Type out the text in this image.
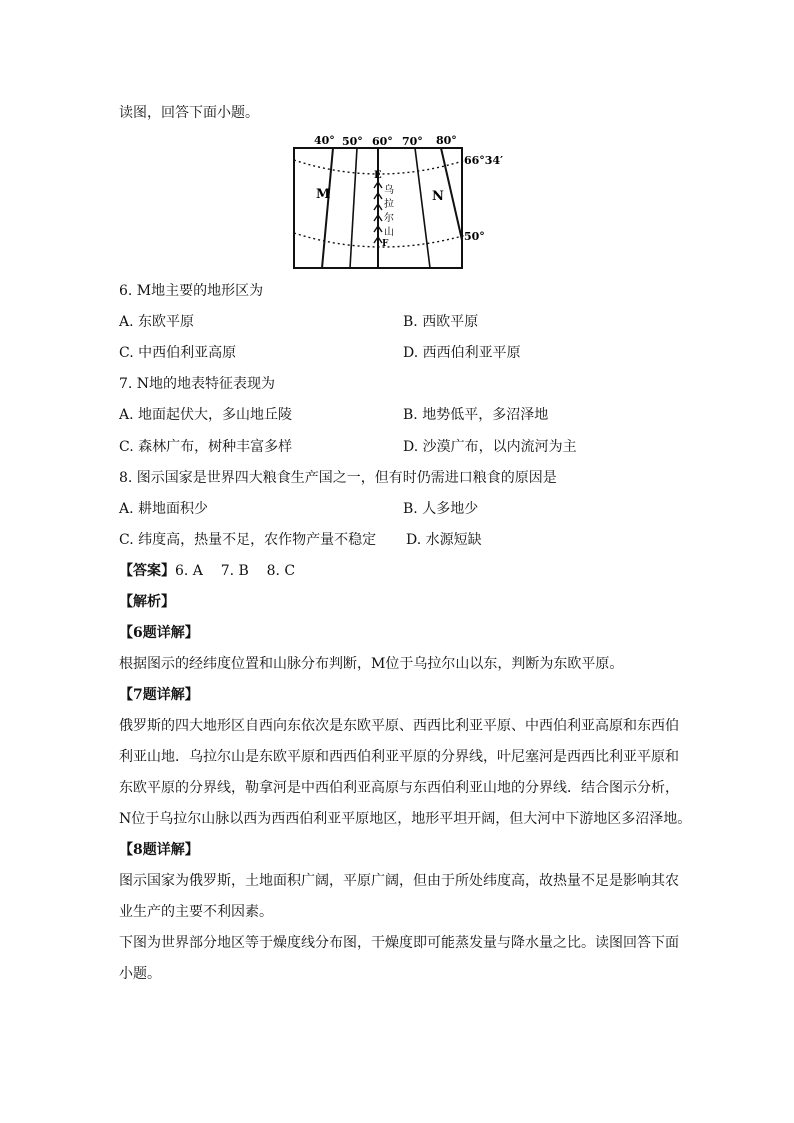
读图，回答下面小题。
40° 50° 60° 70° 80°
66°34′
50°
M	N
E
F
乌
拉
尔
山
6. M地主要的地形区为
A. 东欧平原	B. 西欧平原
C. 中西伯利亚高原	D. 西西伯利亚平原
7. N地的地表特征表现为
A. 地面起伏大，多山地丘陵	B. 地势低平，多沼泽地
C. 森林广布，树种丰富多样	D. 沙漠广布，以内流河为主
8. 图示国家是世界四大粮食生产国之一，但有时仍需进口粮食的原因是
A. 耕地面积少	B. 人多地少
C. 纬度高，热量不足，农作物产量不稳定 D. 水源短缺
【答案】6. A    7. B    8. C
【解析】
【6题详解】
根据图示的经纬度位置和山脉分布判断，M位于乌拉尔山以东，判断为东欧平原。
【7题详解】
俄罗斯的四大地形区自西向东依次是东欧平原、西西比利亚平原、中西伯利亚高原和东西伯
利亚山地．乌拉尔山是东欧平原和西西伯利亚平原的分界线，叶尼塞河是西西比利亚平原和
东欧平原的分界线，勒拿河是中西伯利亚高原与东西伯利亚山地的分界线．结合图示分析，
N位于乌拉尔山脉以西为西西伯利亚平原地区，地形平坦开阔，但大河中下游地区多沼泽地。
【8题详解】
图示国家为俄罗斯，土地面积广阔，平原广阔，但由于所处纬度高，故热量不足是影响其农
业生产的主要不利因素。
下图为世界部分地区等于燥度线分布图，干燥度即可能蒸发量与降水量之比。读图回答下面
小题。
